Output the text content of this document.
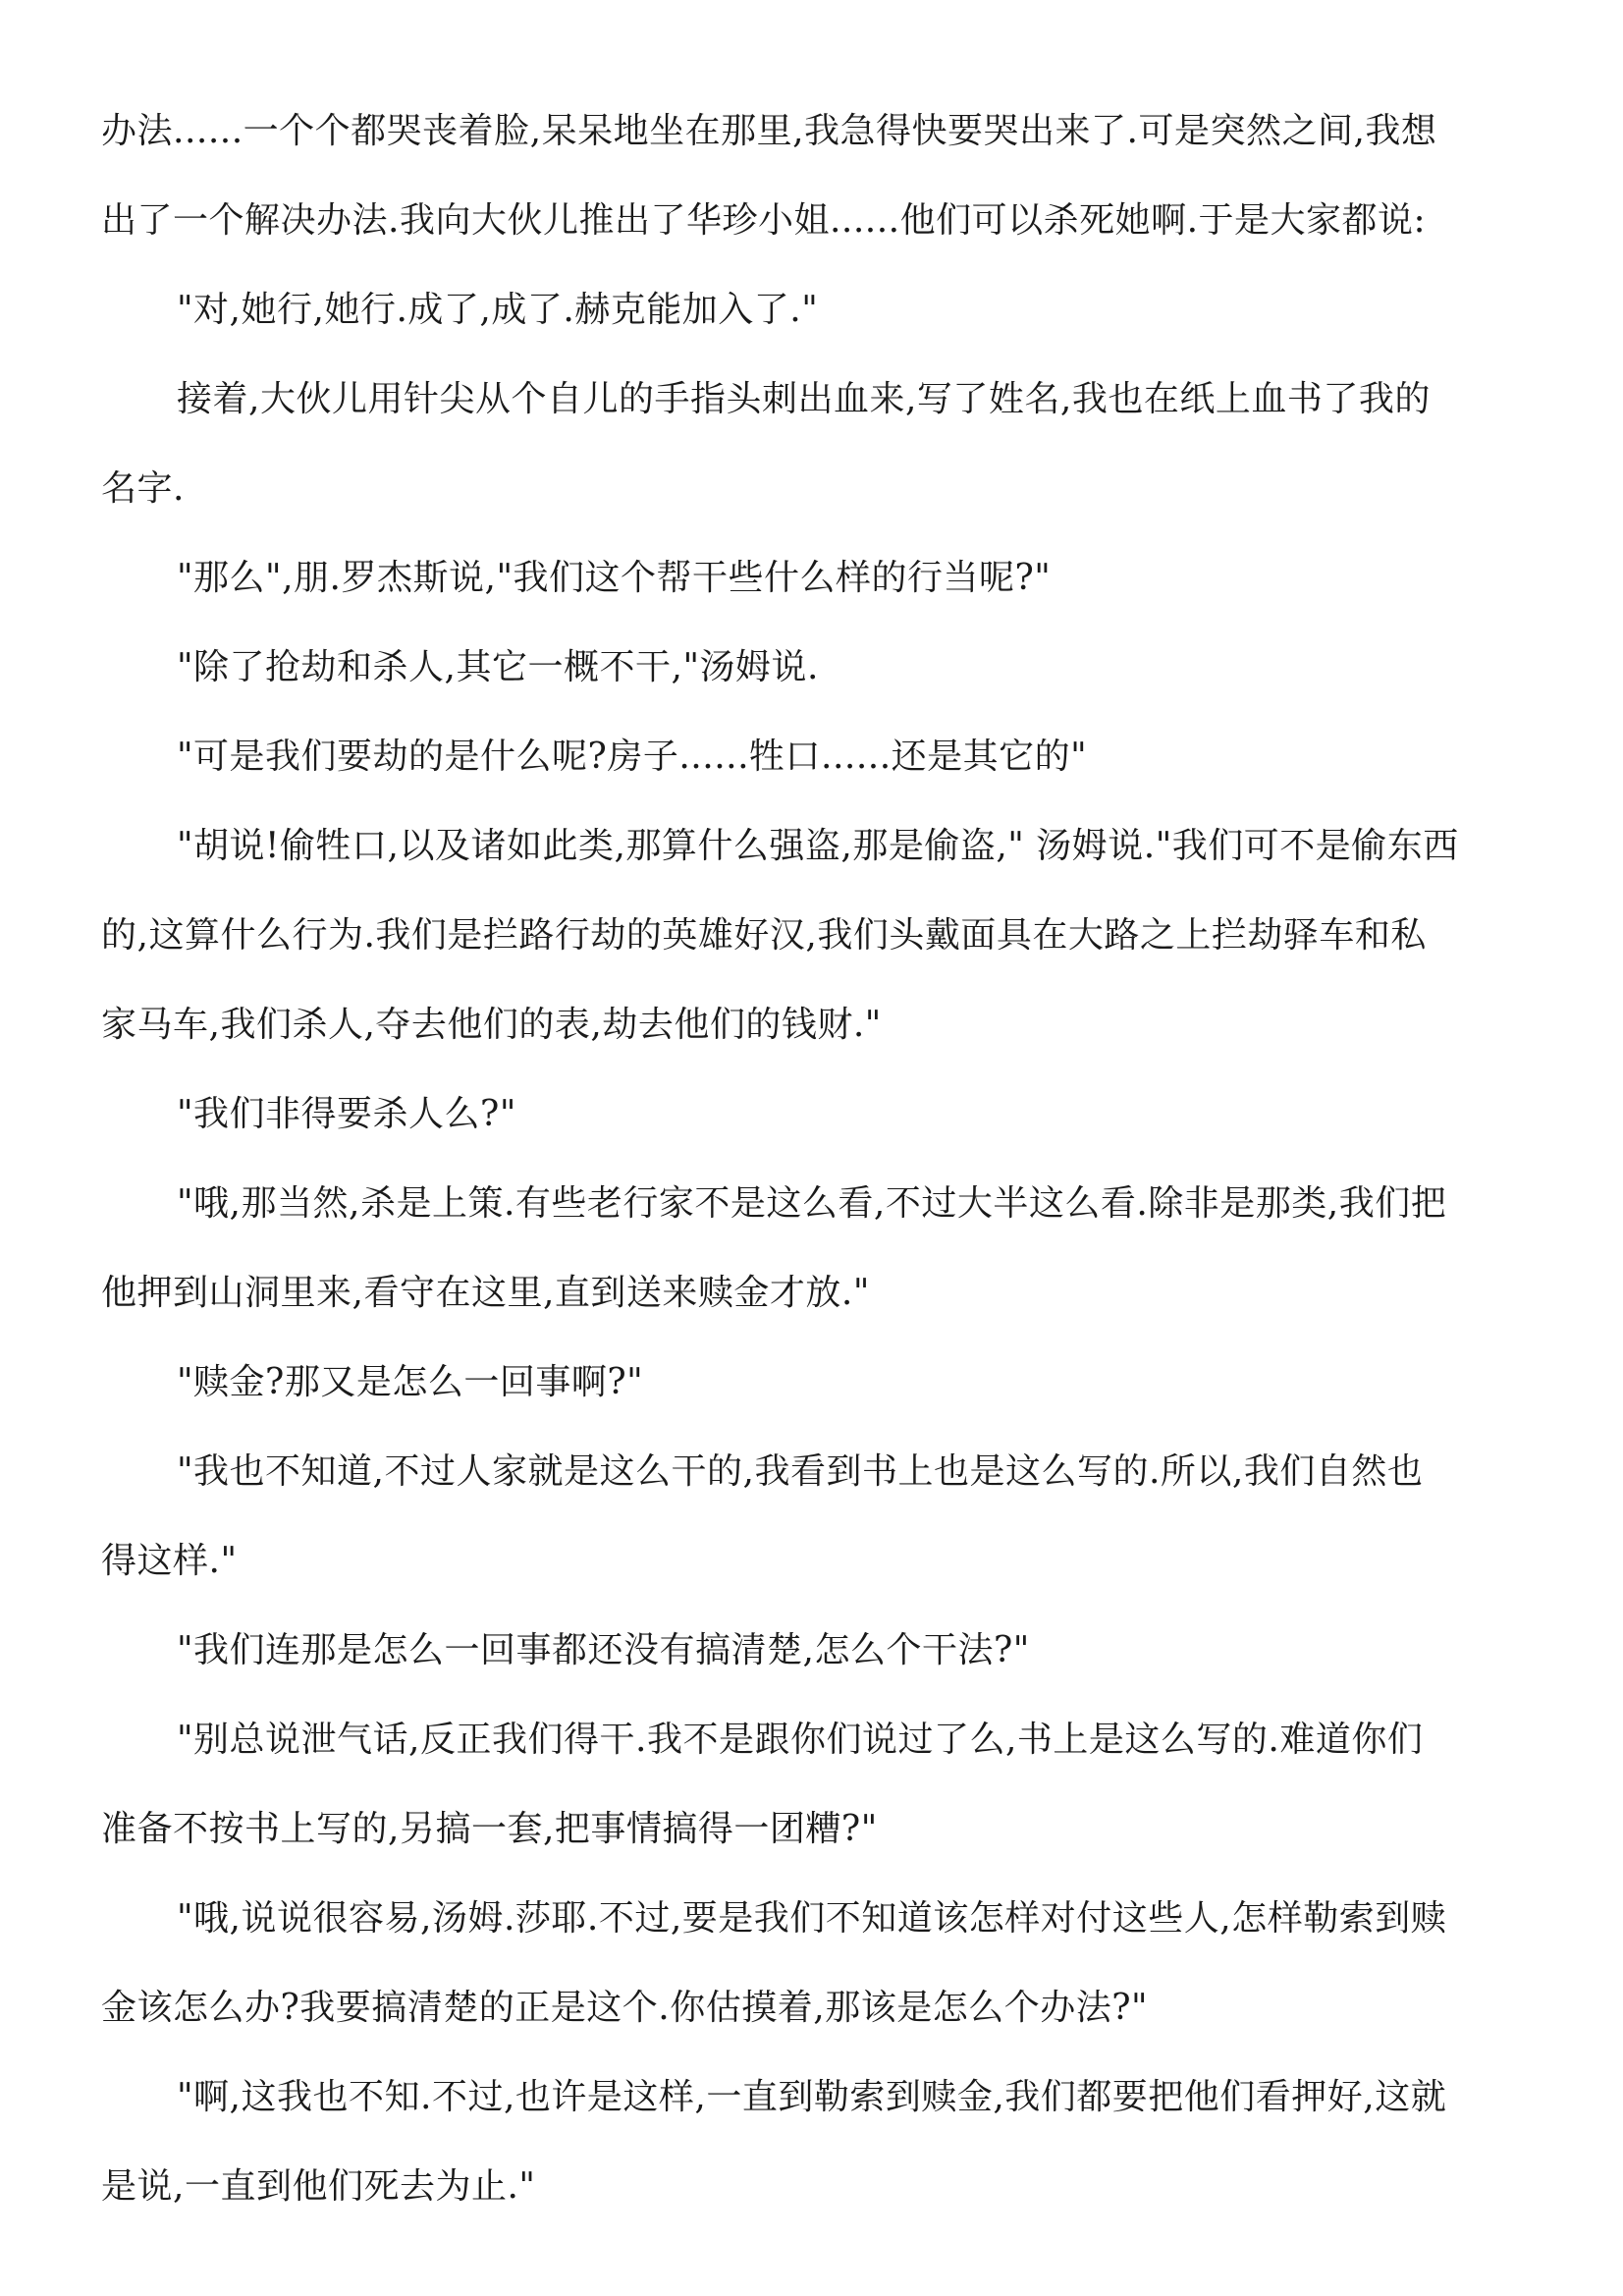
办法......一个个都哭丧着脸,呆呆地坐在那里,我急得快要哭出来了.可是突然之间,我想
出了一个解决办法.我向大伙儿推出了华珍小姐......他们可以杀死她啊.于是大家都说:
"对,她行,她行.成了,成了.赫克能加入了."
接着,大伙儿用针尖从个自儿的手指头刺出血来,写了姓名,我也在纸上血书了我的
名字.
"那么",朋.罗杰斯说,"我们这个帮干些什么样的行当呢?"
"除了抢劫和杀人,其它一概不干,"汤姆说.
"可是我们要劫的是什么呢?房子......牲口......还是其它的"
"胡说!偷牲口,以及诸如此类,那算什么强盗,那是偷盗," 汤姆说."我们可不是偷东西
的,这算什么行为.我们是拦路行劫的英雄好汉,我们头戴面具在大路之上拦劫驿车和私
家马车,我们杀人,夺去他们的表,劫去他们的钱财."
"我们非得要杀人么?"
"哦,那当然,杀是上策.有些老行家不是这么看,不过大半这么看.除非是那类,我们把
他押到山洞里来,看守在这里,直到送来赎金才放."
"赎金?那又是怎么一回事啊?"
"我也不知道,不过人家就是这么干的,我看到书上也是这么写的.所以,我们自然也
得这样."
"我们连那是怎么一回事都还没有搞清楚,怎么个干法?"
"别总说泄气话,反正我们得干.我不是跟你们说过了么,书上是这么写的.难道你们
准备不按书上写的,另搞一套,把事情搞得一团糟?"
"哦,说说很容易,汤姆.莎耶.不过,要是我们不知道该怎样对付这些人,怎样勒索到赎
金该怎么办?我要搞清楚的正是这个.你估摸着,那该是怎么个办法?"
"啊,这我也不知.不过,也许是这样,一直到勒索到赎金,我们都要把他们看押好,这就
是说,一直到他们死去为止."
